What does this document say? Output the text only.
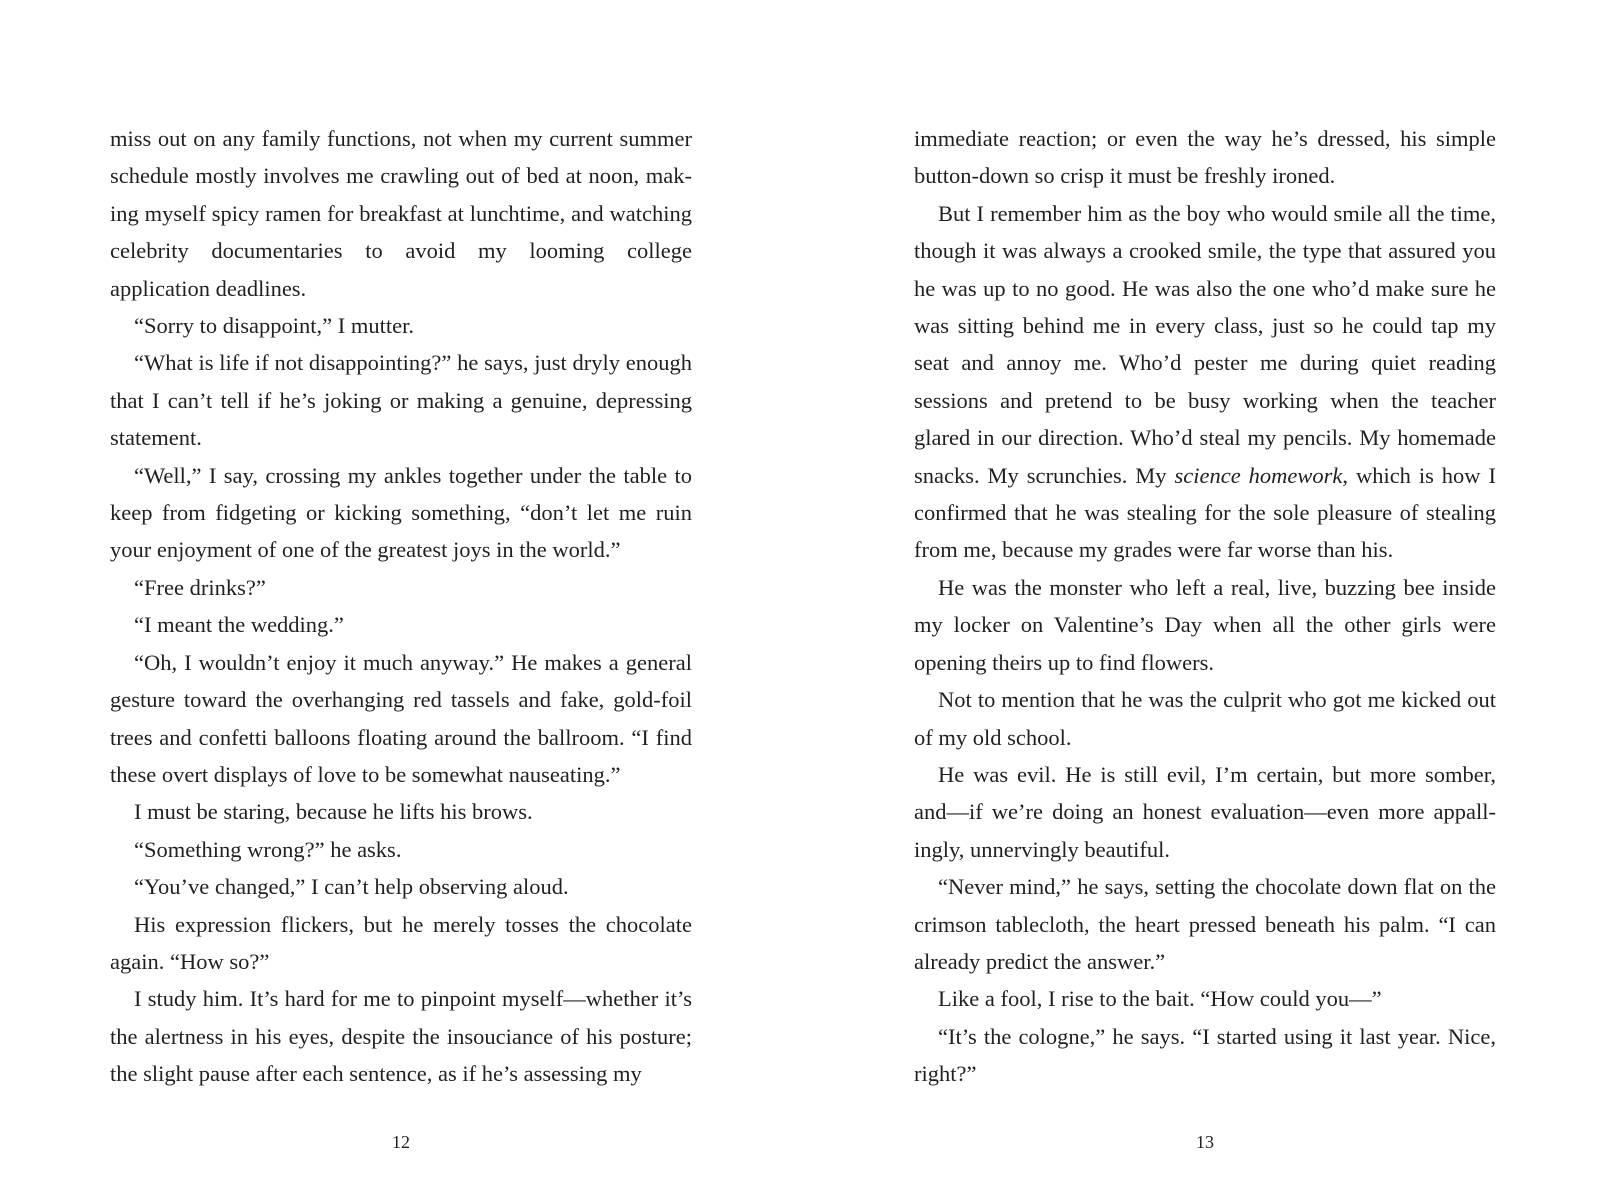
miss out on any family functions, not when my current summer schedule mostly involves me crawling out of bed at noon, making myself spicy ramen for breakfast at lunchtime, and watching celebrity documentaries to avoid my looming college application deadlines.

“Sorry to disappoint,” I mutter.

“What is life if not disappointing?” he says, just dryly enough that I can’t tell if he’s joking or making a genuine, depressing statement.

“Well,” I say, crossing my ankles together under the table to keep from fidgeting or kicking something, “don’t let me ruin your enjoyment of one of the greatest joys in the world.”

“Free drinks?”

“I meant the wedding.”

“Oh, I wouldn’t enjoy it much anyway.” He makes a general gesture toward the overhanging red tassels and fake, gold-foil trees and confetti balloons floating around the ballroom. “I find these overt displays of love to be somewhat nauseating.”

I must be staring, because he lifts his brows.

“Something wrong?” he asks.

“You’ve changed,” I can’t help observing aloud.

His expression flickers, but he merely tosses the chocolate again. “How so?”

I study him. It’s hard for me to pinpoint myself—whether it’s the alertness in his eyes, despite the insouciance of his posture; the slight pause after each sentence, as if he’s assessing my

12

immediate reaction; or even the way he’s dressed, his simple button-down so crisp it must be freshly ironed.

But I remember him as the boy who would smile all the time, though it was always a crooked smile, the type that assured you he was up to no good. He was also the one who’d make sure he was sitting behind me in every class, just so he could tap my seat and annoy me. Who’d pester me during quiet reading sessions and pretend to be busy working when the teacher glared in our direction. Who’d steal my pencils. My homemade snacks. My scrunchies. My science homework, which is how I confirmed that he was stealing for the sole pleasure of stealing from me, because my grades were far worse than his.

He was the monster who left a real, live, buzzing bee inside my locker on Valentine’s Day when all the other girls were opening theirs up to find flowers.

Not to mention that he was the culprit who got me kicked out of my old school.

He was evil. He is still evil, I’m certain, but more somber, and—if we’re doing an honest evaluation—even more appallingly, unnervingly beautiful.

“Never mind,” he says, setting the chocolate down flat on the crimson tablecloth, the heart pressed beneath his palm. “I can already predict the answer.”

Like a fool, I rise to the bait. “How could you—”

“It’s the cologne,” he says. “I started using it last year. Nice, right?”

13
